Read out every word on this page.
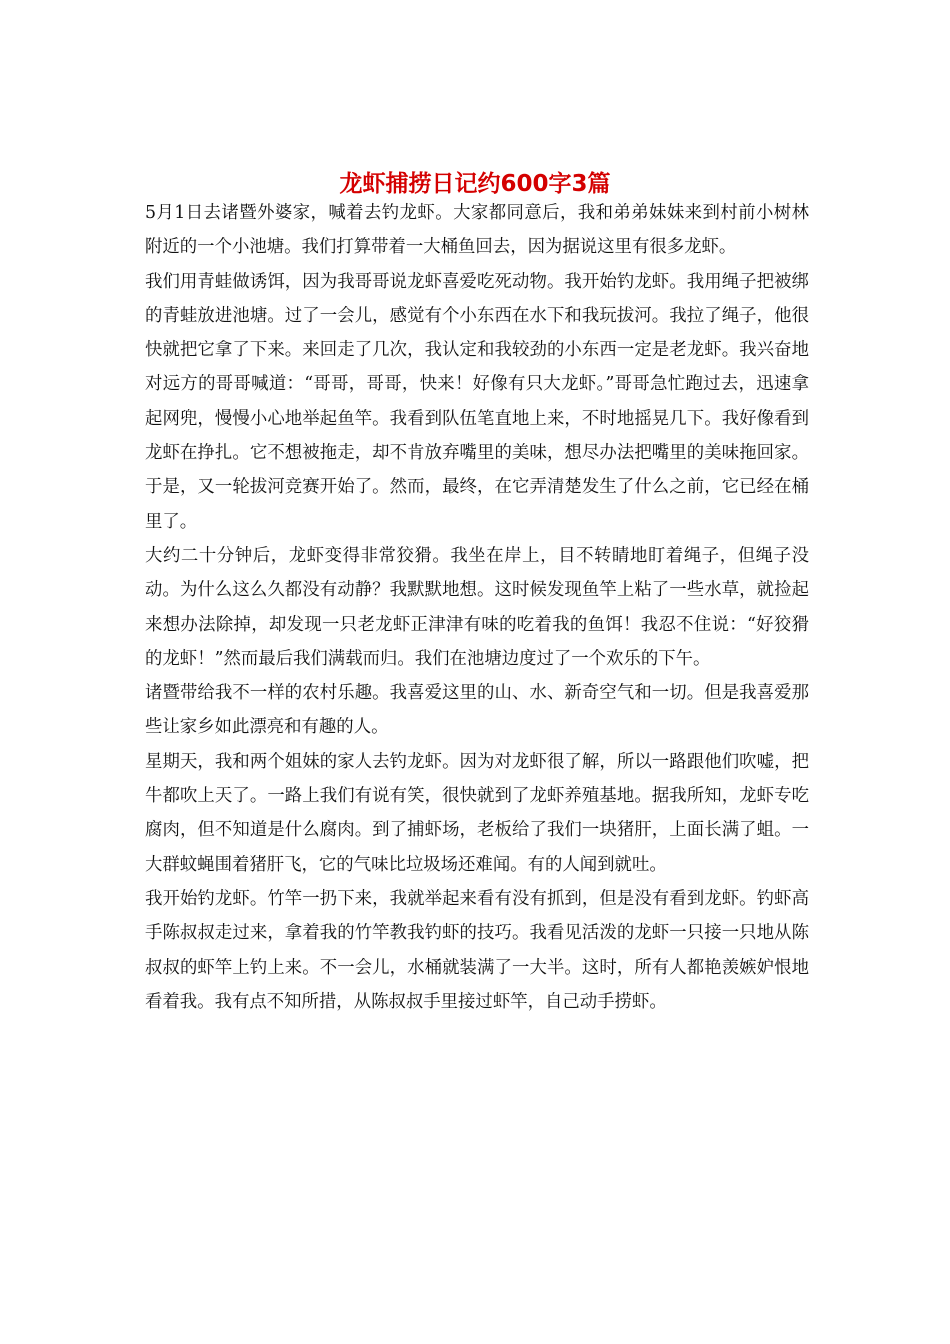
龙虾捕捞日记约600字3篇

5月1日去诸暨外婆家，喊着去钓龙虾。大家都同意后，我和弟弟妹妹来到村前小树林附近的一个小池塘。我们打算带着一大桶鱼回去，因为据说这里有很多龙虾。

我们用青蛙做诱饵，因为我哥哥说龙虾喜爱吃死动物。我开始钓龙虾。我用绳子把被绑的青蛙放进池塘。过了一会儿，感觉有个小东西在水下和我玩拔河。我拉了绳子，他很快就把它拿了下来。来回走了几次，我认定和我较劲的小东西一定是老龙虾。我兴奋地对远方的哥哥喊道：“哥哥，哥哥，快来！好像有只大龙虾。”哥哥急忙跑过去，迅速拿起网兜，慢慢小心地举起鱼竿。我看到队伍笔直地上来，不时地摇晃几下。我好像看到龙虾在挣扎。它不想被拖走，却不肯放弃嘴里的美味，想尽办法把嘴里的美味拖回家。于是，又一轮拔河竞赛开始了。然而，最终，在它弄清楚发生了什么之前，它已经在桶里了。

大约二十分钟后，龙虾变得非常狡猾。我坐在岸上，目不转睛地盯着绳子，但绳子没动。为什么这么久都没有动静？我默默地想。这时候发现鱼竿上粘了一些水草，就捡起来想办法除掉，却发现一只老龙虾正津津有味的吃着我的鱼饵！我忍不住说：“好狡猾的龙虾！”然而最后我们满载而归。我们在池塘边度过了一个欢乐的下午。

诸暨带给我不一样的农村乐趣。我喜爱这里的山、水、新奇空气和一切。但是我喜爱那些让家乡如此漂亮和有趣的人。

星期天，我和两个姐妹的家人去钓龙虾。因为对龙虾很了解，所以一路跟他们吹嘘，把牛都吹上天了。一路上我们有说有笑，很快就到了龙虾养殖基地。据我所知，龙虾专吃腐肉，但不知道是什么腐肉。到了捕虾场，老板给了我们一块猪肝，上面长满了蛆。一大群蚊蝇围着猪肝飞，它的气味比垃圾场还难闻。有的人闻到就吐。

我开始钓龙虾。竹竿一扔下来，我就举起来看有没有抓到，但是没有看到龙虾。钓虾高手陈叔叔走过来，拿着我的竹竿教我钓虾的技巧。我看见活泼的龙虾一只接一只地从陈叔叔的虾竿上钓上来。不一会儿，水桶就装满了一大半。这时，所有人都艳羡嫉妒恨地看着我。我有点不知所措，从陈叔叔手里接过虾竿，自己动手捞虾。
